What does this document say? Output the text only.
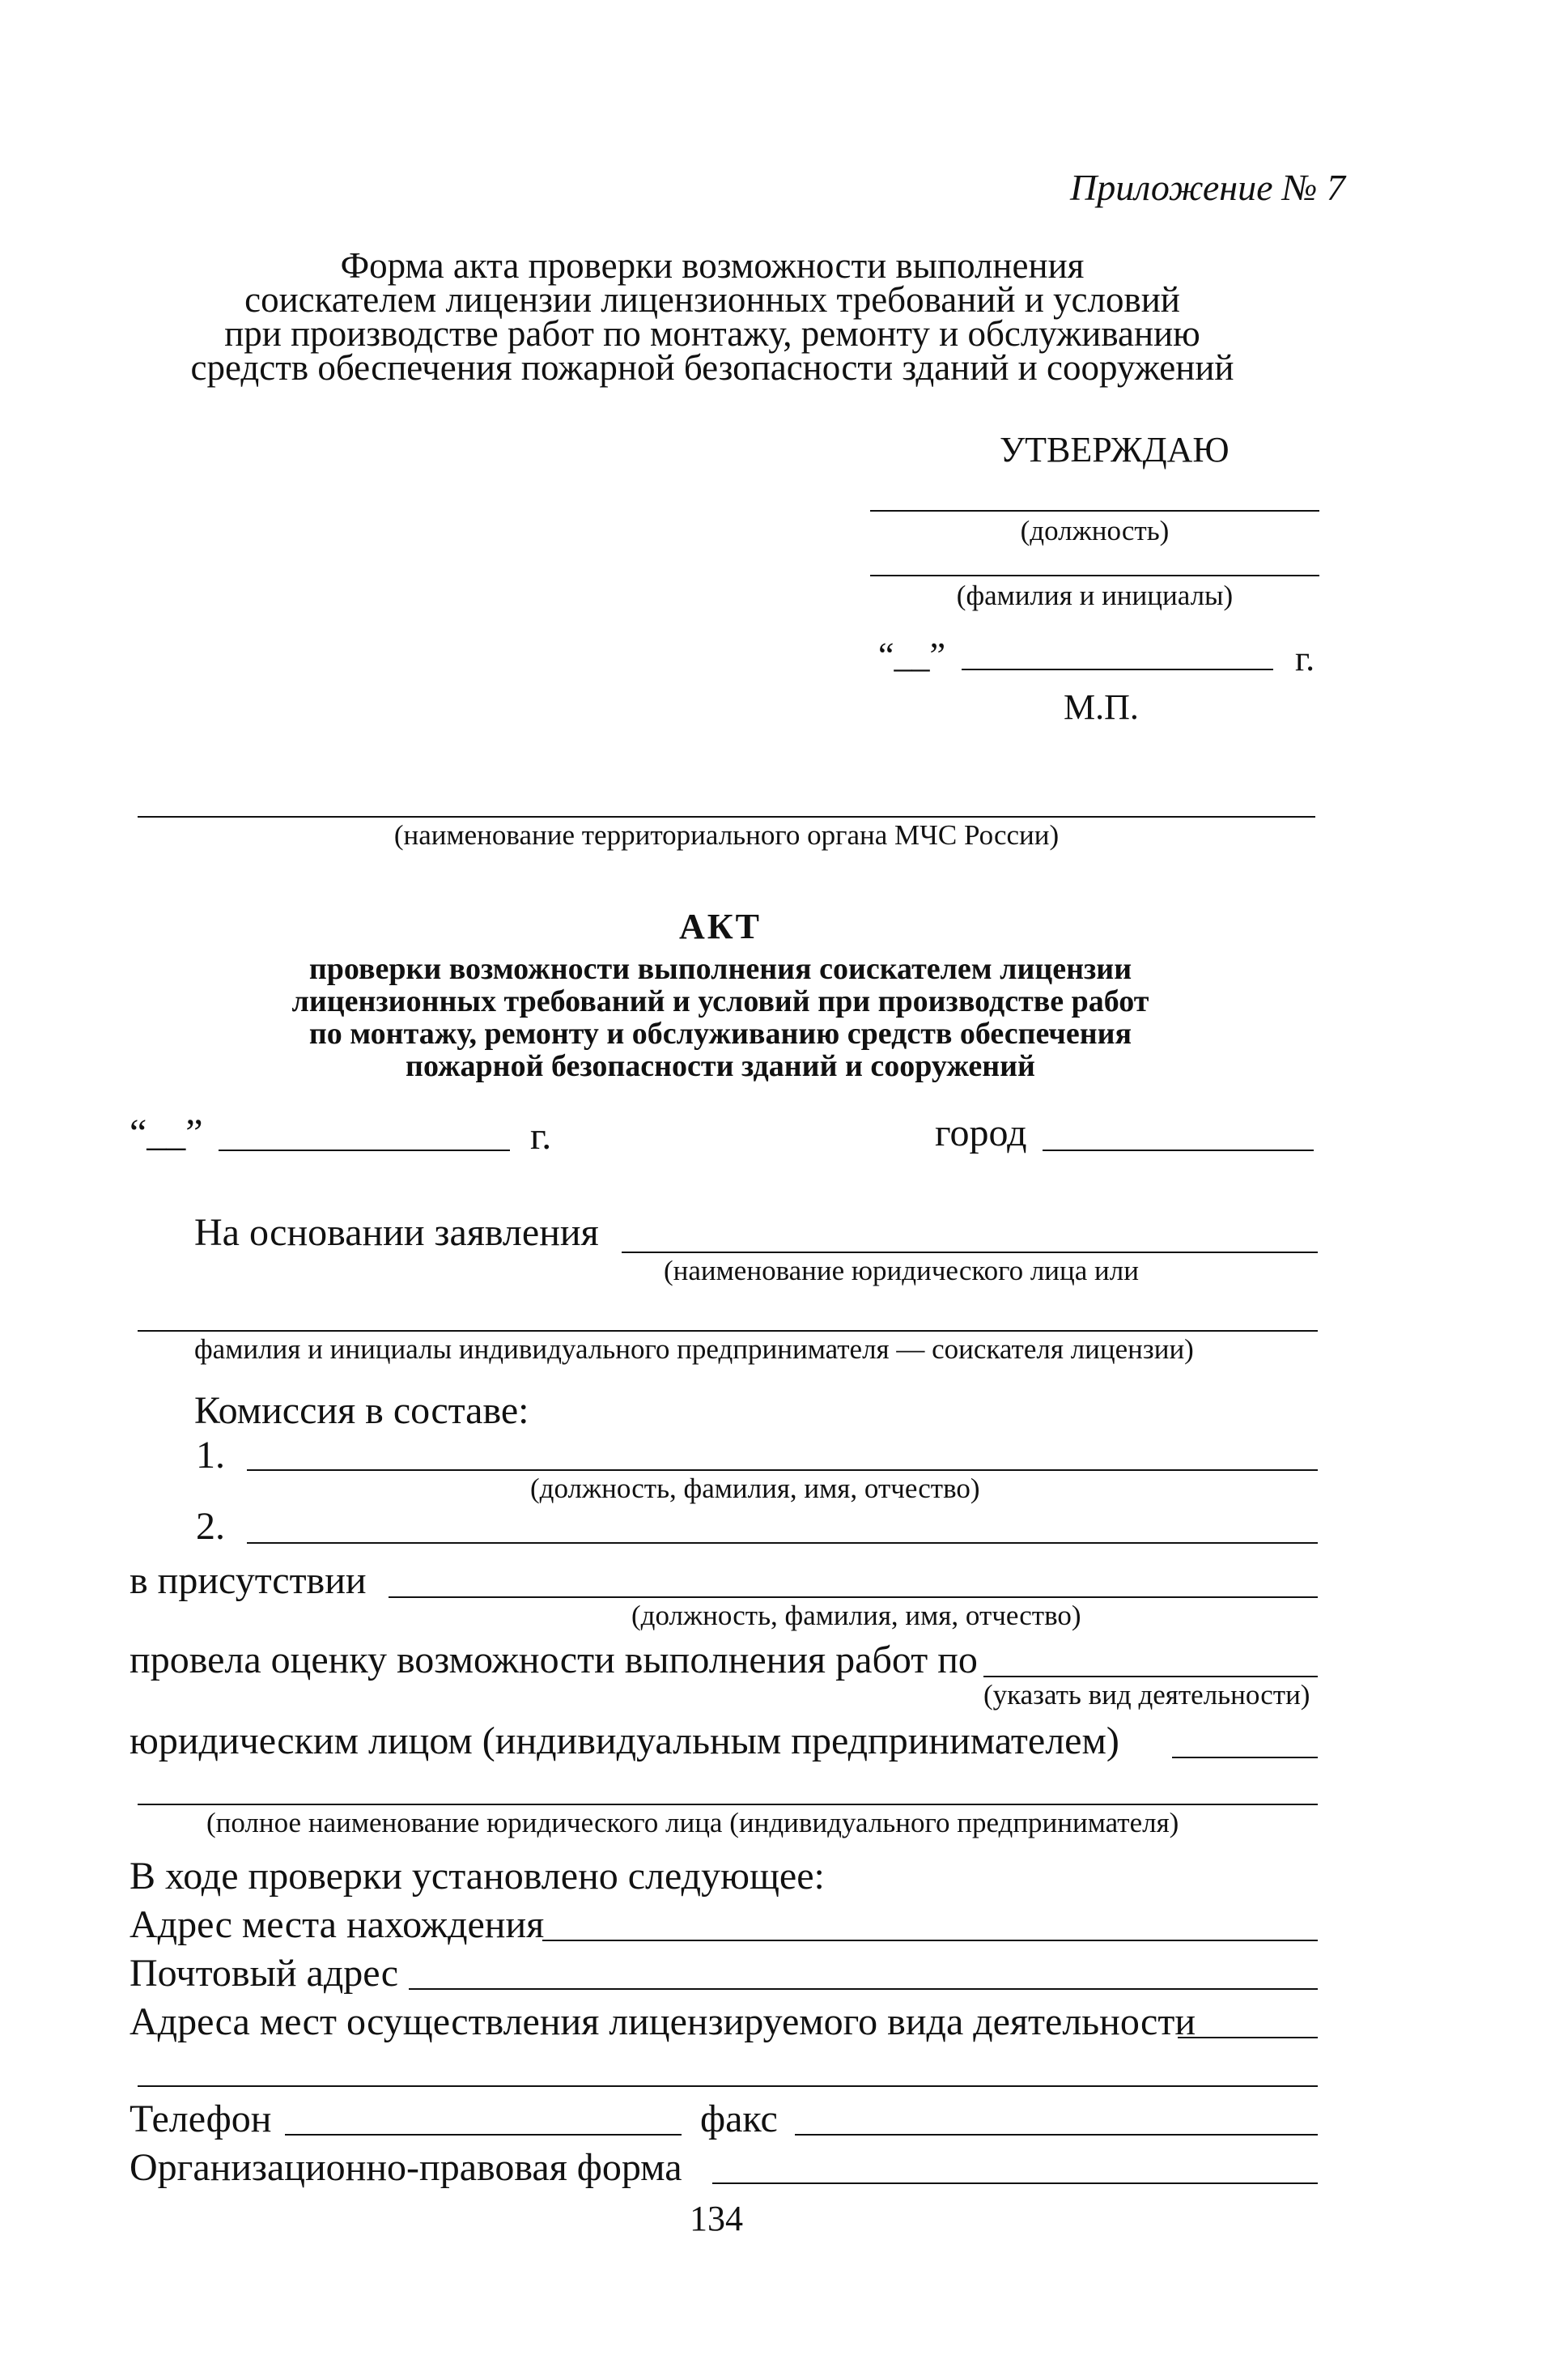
Приложение № 7
Форма акта проверки возможности выполнения
соискателем лицензии лицензионных требований и условий
при производстве работ по монтажу, ремонту и обслуживанию
средств обеспечения пожарной безопасности зданий и сооружений
УТВЕРЖДАЮ
(должность)
(фамилия и инициалы)
“__”	г.
М.П.
(наименование территориального органа МЧС России)
АКТ
проверки возможности выполнения соискателем лицензии
лицензионных требований и условий при производстве работ
по монтажу, ремонту и обслуживанию средств обеспечения
пожарной безопасности зданий и сооружений
“__”	г.	город
На основании заявления
(наименование юридического лица или
фамилия и инициалы индивидуального предпринимателя — соискателя лицензии)
Комиссия в составе:
1.
(должность, фамилия, имя, отчество)
2.
в присутствии
(должность, фамилия, имя, отчество)
провела оценку возможности выполнения работ по
(указать вид деятельности)
юридическим лицом (индивидуальным предпринимателем)
(полное наименование юридического лица (индивидуального предпринимателя)
В ходе проверки установлено следующее:
Адрес места нахождения
Почтовый адрес
Адреса мест осуществления лицензируемого вида деятельности
Телефон	факс
Организационно-правовая форма
134
